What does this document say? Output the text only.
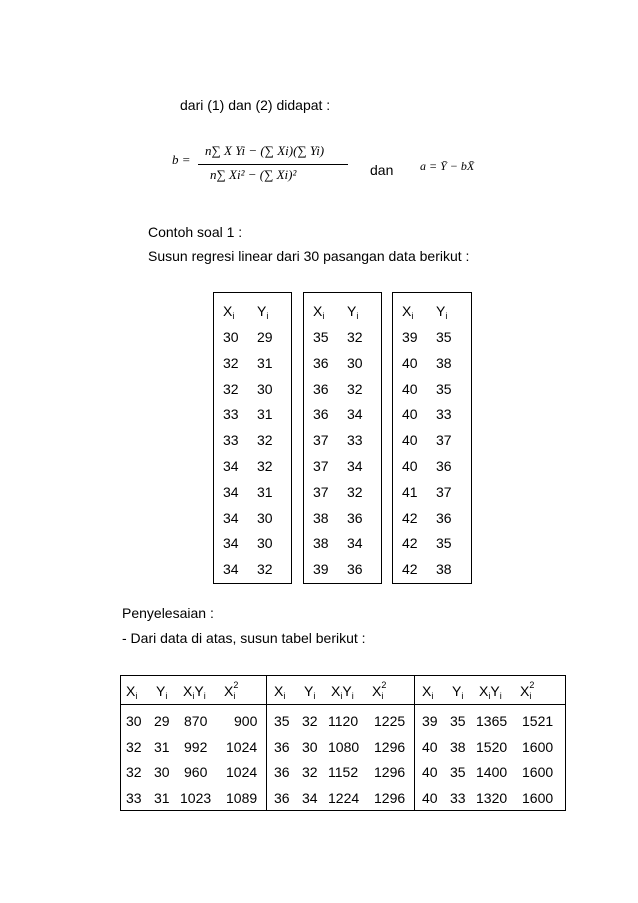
dari (1) dan (2) didapat :
b =
n∑ X Yi − (∑ Xi)(∑ Yi)
n∑ Xi² − (∑ Xi)²	dan a = Ȳ − bX̄
Contoh soal 1 :
Susun regresi linear dari 30 pasangan data berikut :
$X_i$ $Y_i$
30 29
32 31
32 30
33 31
33 32
34 32
34 31
34 30
34 30
34 32
$X_i$ $Y_i$
35 32
36 30
36 32
36 34
37 33
37 34
37 32
38 36
38 34
39 36
$X_i$ $Y_i$
39 35
40 38
40 35
40 33
40 37
40 36
41 37
42 36
42 35
42 38
Penyelesaian :
- Dari data di atas, susun tabel berikut :
$X_i$ $Y_i$ $X_iY_i$ $X_i^2$
30 29 870 900
32 31 992 1024
32 30 960 1024
33 31 1023 1089
$X_i$ $Y_i$ $X_iY_i$ $X_i^2$
35 32 1120 1225
36 30 1080 1296
36 32 1152 1296
36 34 1224 1296
$X_i$ $Y_i$ $X_iY_i$ $X_i^2$
39 35 1365 1521
40 38 1520 1600
40 35 1400 1600
40 33 1320 1600
